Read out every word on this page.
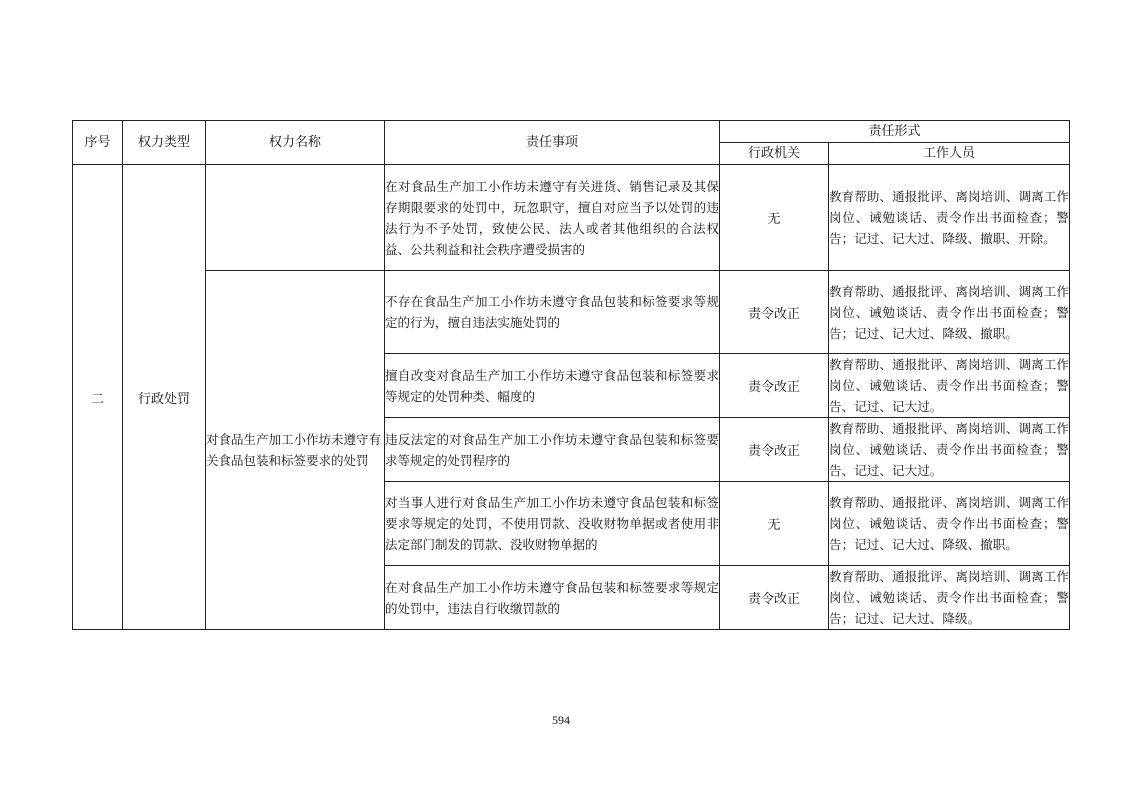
序号	权力类型	权力名称	责任事项	责任形式	
				行政机关	工作人员
二	行政处罚		在对食品生产加工小作坊未遵守有关进货、销售记录及其保存期限要求的处罚中，玩忽职守，擅自对应当予以处罚的违法行为不予处罚，致使公民、法人或者其他组织的合法权益、公共利益和社会秩序遭受损害的	无	教育帮助、通报批评、离岗培训、调离工作岗位、诫勉谈话、责令作出书面检查；警告；记过、记大过、降级、撤职、开除。
		对食品生产加工小作坊未遵守有关食品包装和标签要求的处罚	不存在食品生产加工小作坊未遵守食品包装和标签要求等规定的行为，擅自违法实施处罚的	责令改正	教育帮助、通报批评、离岗培训、调离工作岗位、诫勉谈话、责令作出书面检查；警告；记过、记大过、降级、撤职。
			擅自改变对食品生产加工小作坊未遵守食品包装和标签要求等规定的处罚种类、幅度的	责令改正	教育帮助、通报批评、离岗培训、调离工作岗位、诫勉谈话、责令作出书面检查；警告、记过、记大过。
			违反法定的对食品生产加工小作坊未遵守食品包装和标签要求等规定的处罚程序的	责令改正	教育帮助、通报批评、离岗培训、调离工作岗位、诫勉谈话、责令作出书面检查；警告、记过、记大过。
			对当事人进行对食品生产加工小作坊未遵守食品包装和标签要求等规定的处罚，不使用罚款、没收财物单据或者使用非法定部门制发的罚款、没收财物单据的	无	教育帮助、通报批评、离岗培训、调离工作岗位、诫勉谈话、责令作出书面检查；警告；记过、记大过、降级、撤职。
			在对食品生产加工小作坊未遵守食品包装和标签要求等规定的处罚中，违法自行收缴罚款的	责令改正	教育帮助、通报批评、离岗培训、调离工作岗位、诫勉谈话、责令作出书面检查；警告；记过、记大过、降级。
594
